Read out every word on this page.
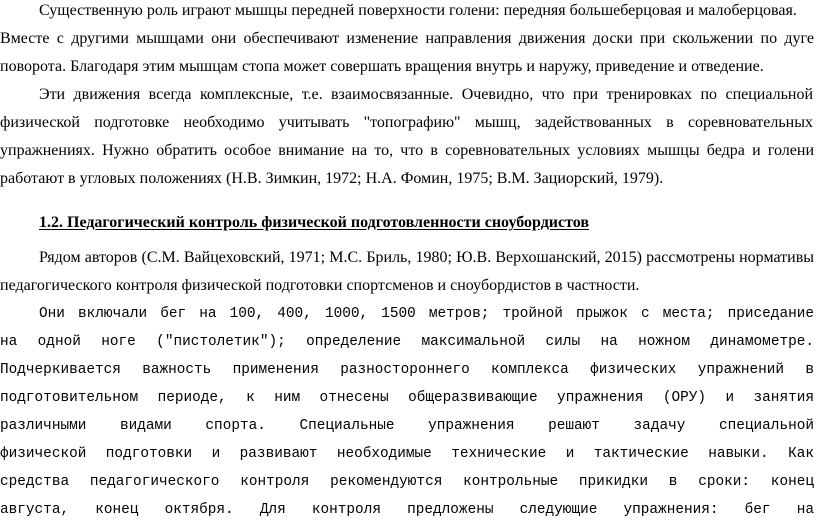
Существенную роль играют мышцы передней поверхности голени: передняя большеберцовая и малоберцовая.
Вместе с другими мышцами они обеспечивают изменение направления движения доски при скольжении по дуге
поворота. Благодаря этим мышцам стопа может совершать вращения внутрь и наружу, приведение и отведение.
Эти движения всегда комплексные, т.е. взаимосвязанные. Очевидно, что при тренировках по специальной
физической подготовке необходимо учитывать "топографию" мышц, задействованных в соревновательных
упражнениях. Нужно обратить особое внимание на то, что в соревновательных условиях мышцы бедра и голени
работают в угловых положениях (Н.В. Зимкин, 1972; Н.А. Фомин, 1975; В.М. Зациорский, 1979).
1.2. Педагогический контроль физической подготовленности сноубордистов
Рядом авторов (С.М. Вайцеховский, 1971; М.С. Бриль, 1980; Ю.В. Верхошанский, 2015) рассмотрены нормативы
педагогического контроля физической подготовки спортсменов и сноубордистов в частности.
Они включали бег на 100, 400, 1000, 1500 метров; тройной прыжок с места; приседание
на одной ноге ("пистолетик"); определение максимальной силы на ножном динамометре.
Подчеркивается важность применения разностороннего комплекса физических упражнений в
подготовительном периоде, к ним отнесены общеразвивающие упражнения (ОРУ) и занятия
различными видами спорта. Специальные упражнения решают задачу специальной
физической подготовки и развивают необходимые технические и тактические навыки. Как
средства педагогического контроля рекомендуются контрольные прикидки в сроки: конец
августа, конец октября. Для контроля предложены следующие упражнения: бег на
